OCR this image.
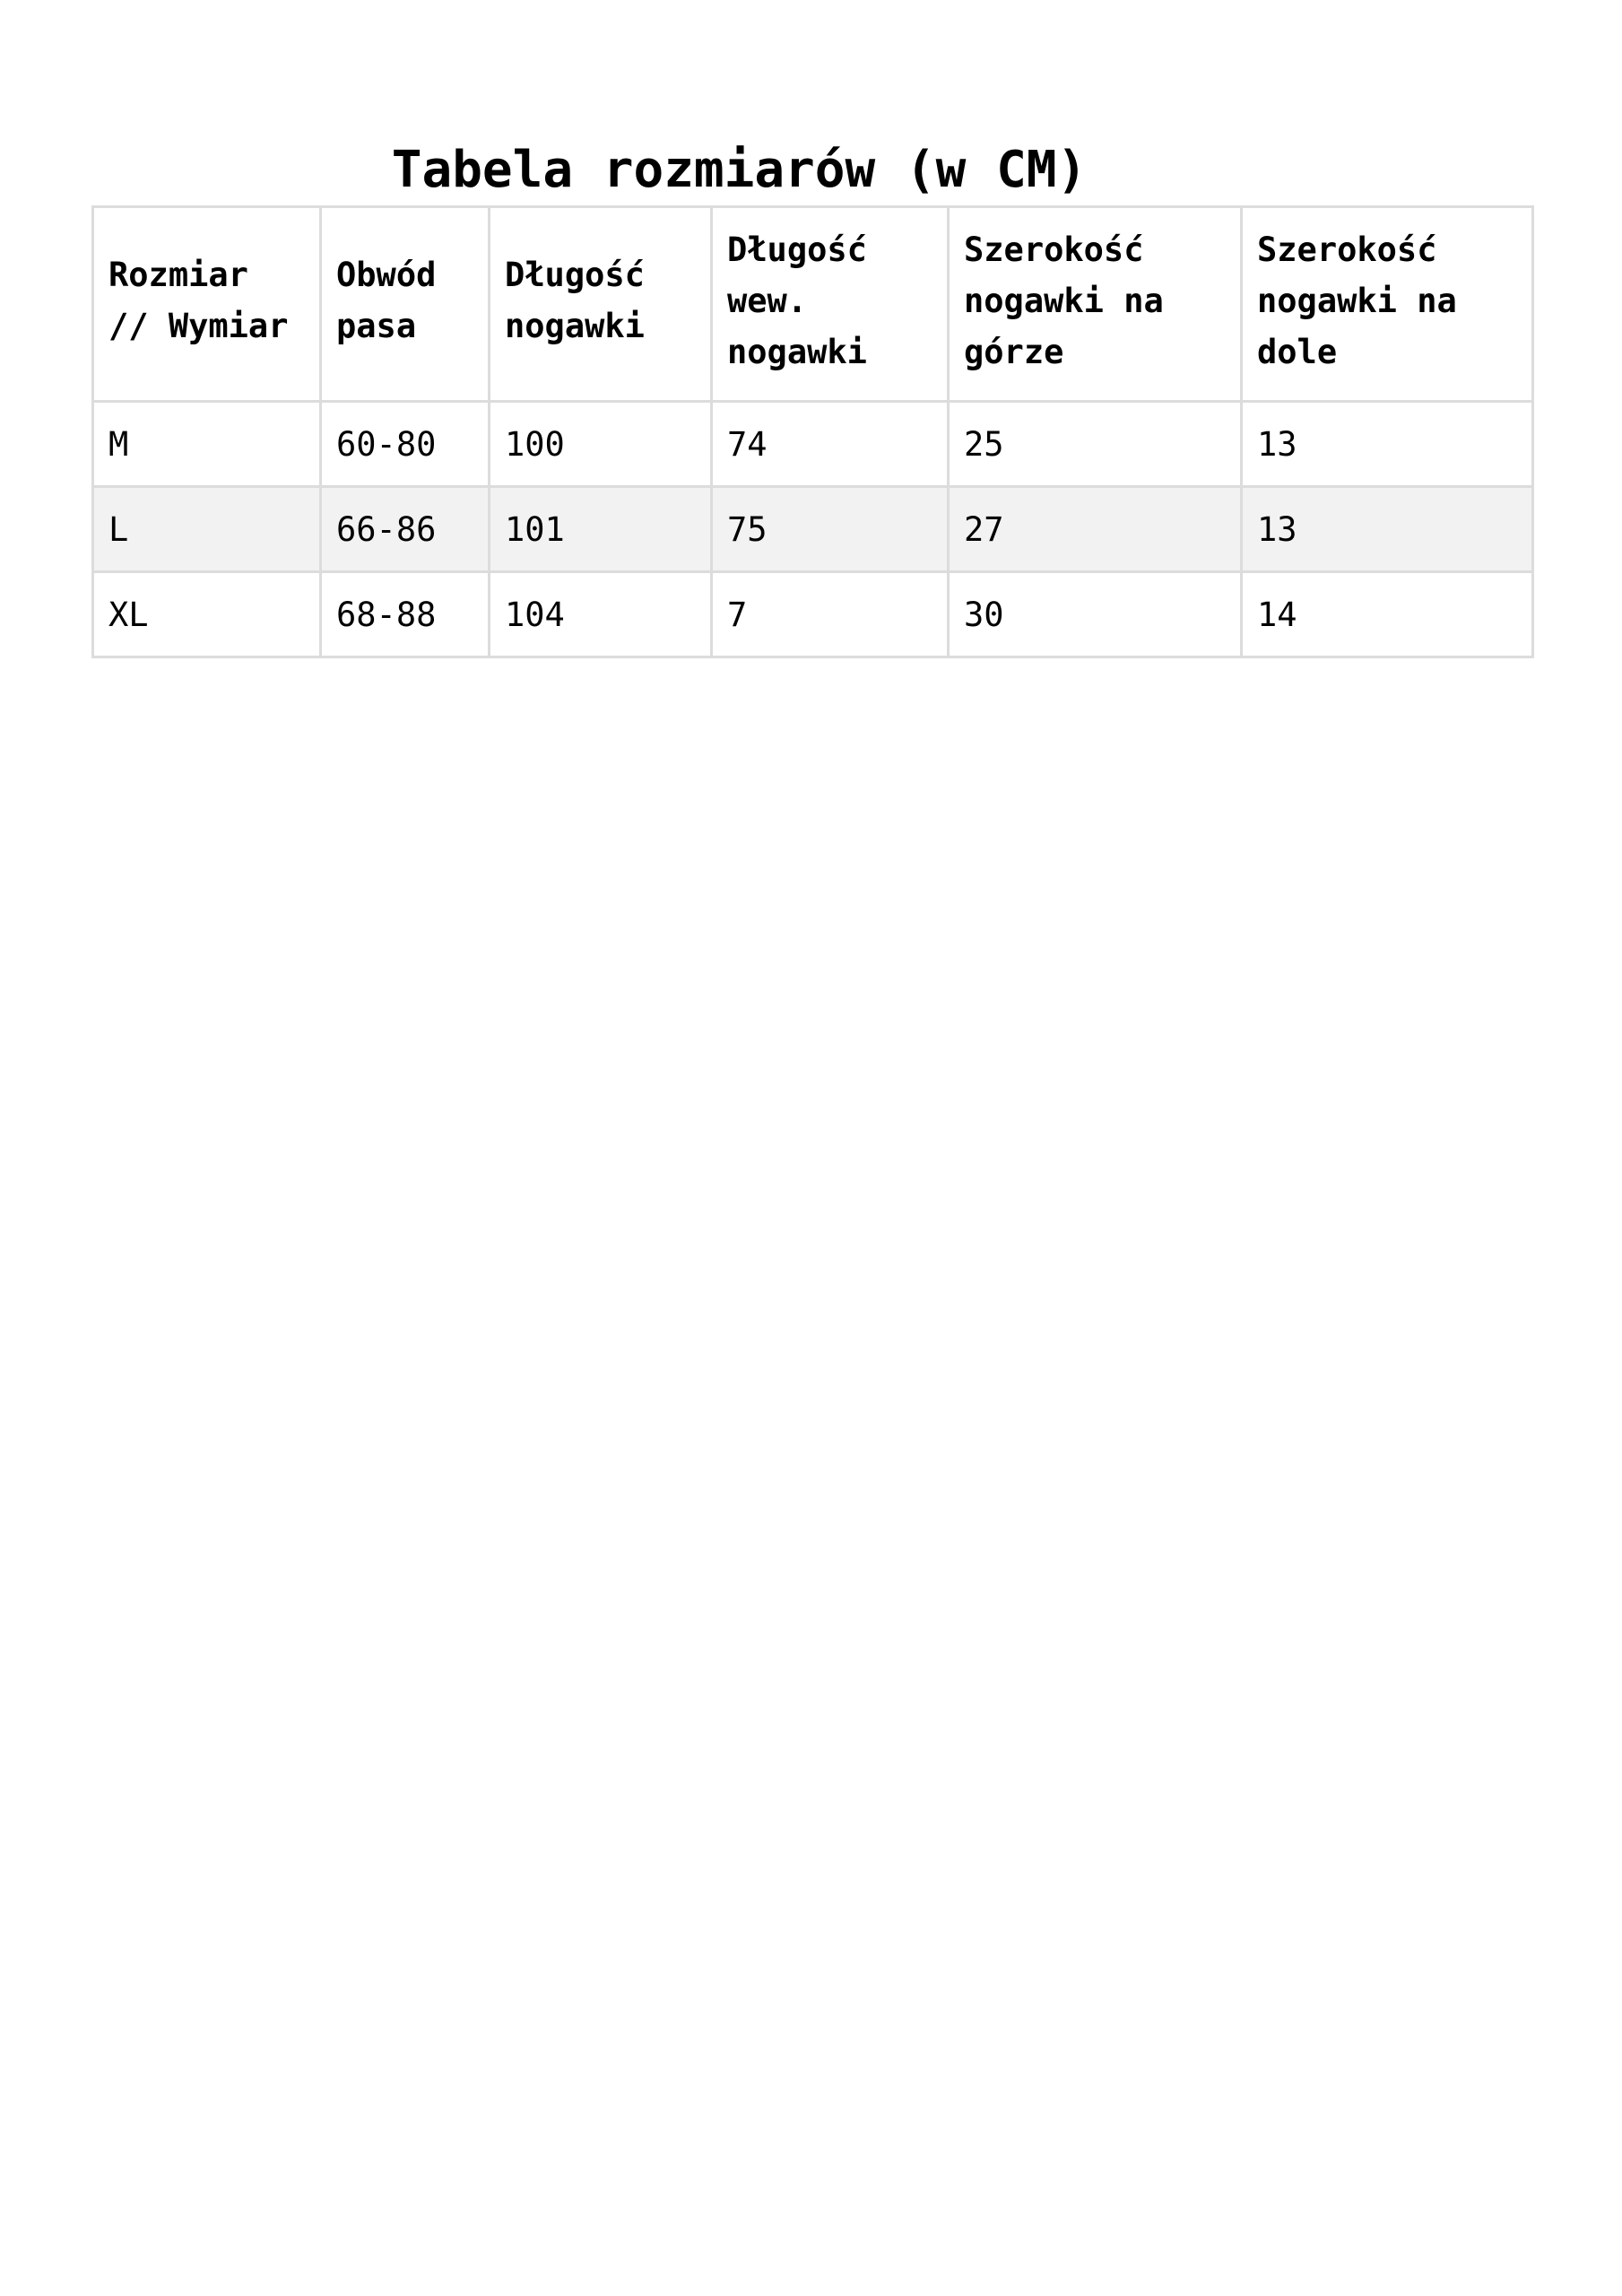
Tabela rozmiarów (w CM)
Rozmiar // Wymiar	Obwód pasa	Długość nogawki	Długość wew. nogawki	Szerokość nogawki na górze	Szerokość nogawki na dole
M	60-80	100	74	25	13
L	66-86	101	75	27	13
XL	68-88	104	7	30	14
